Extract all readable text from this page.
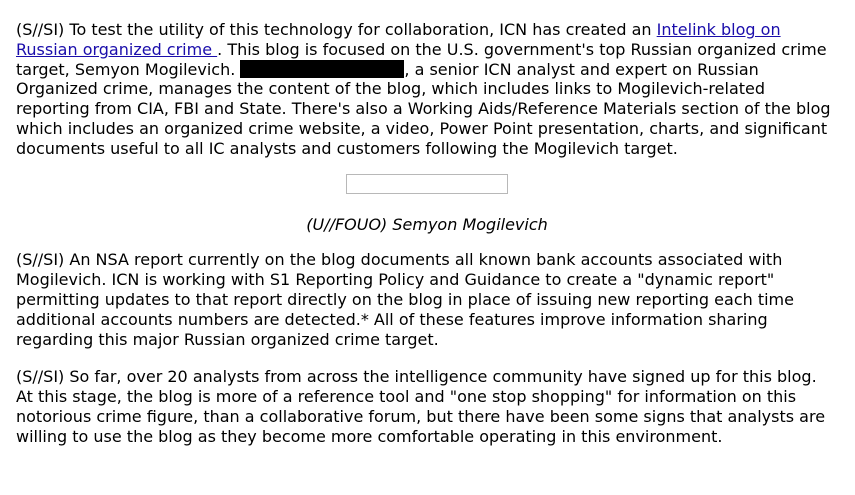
(S//SI) To test the utility of this technology for collaboration, ICN has created an Intelink blog on Russian organized crime . This blog is focused on the U.S. government's top Russian organized crime target, Semyon Mogilevich.	, a senior ICN analyst and expert on Russian Organized crime, manages the content of the blog, which includes links to Mogilevich-related reporting from CIA, FBI and State. There's also a Working Aids/Reference Materials section of the blog which includes an organized crime website, a video, Power Point presentation, charts, and significant documents useful to all IC analysts and customers following the Mogilevich target.

(U//FOUO) Semyon Mogilevich

(S//SI) An NSA report currently on the blog documents all known bank accounts associated with Mogilevich. ICN is working with S1 Reporting Policy and Guidance to create a "dynamic report" permitting updates to that report directly on the blog in place of issuing new reporting each time additional accounts numbers are detected.* All of these features improve information sharing regarding this major Russian organized crime target.

(S//SI) So far, over 20 analysts from across the intelligence community have signed up for this blog. At this stage, the blog is more of a reference tool and "one stop shopping" for information on this notorious crime figure, than a collaborative forum, but there have been some signs that analysts are willing to use the blog as they become more comfortable operating in this environment.
